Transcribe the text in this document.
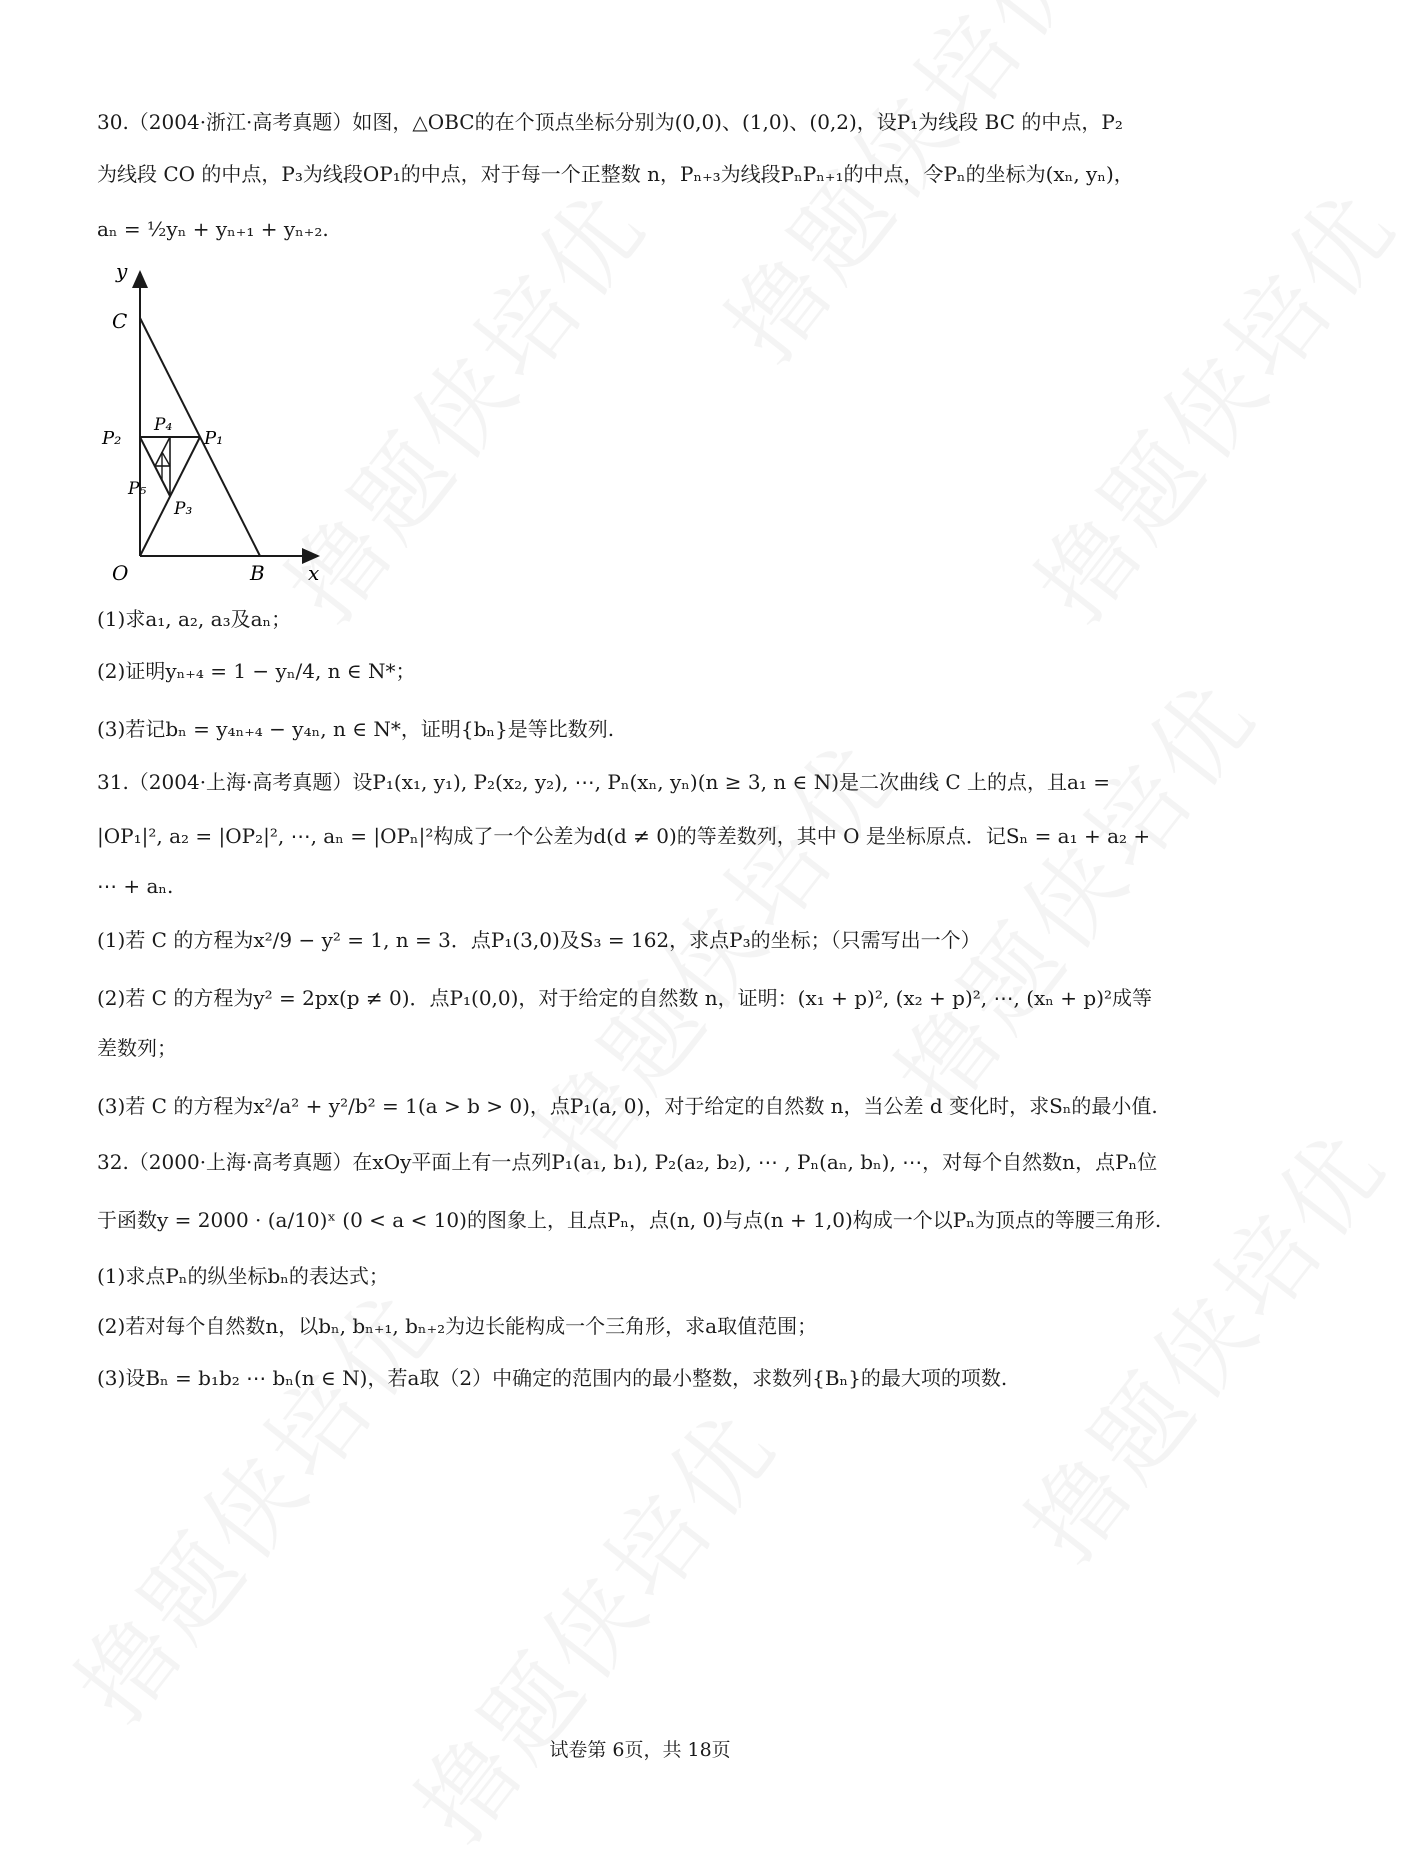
30.（2004·浙江·高考真题）如图，△OBC的在个顶点坐标分别为(0,0)、(1,0)、(0,2)，设P₁为线段 BC 的中点，P₂
为线段 CO 的中点，P₃为线段OP₁的中点，对于每一个正整数 n，Pₙ₊₃为线段PₙPₙ₊₁的中点，令Pₙ的坐标为(xₙ, yₙ)，
aₙ = ½yₙ + yₙ₊₁ + yₙ₊₂.
y
x
C
P₂
P₄
P₁
P₅
P₃
O	B
(1)求a₁, a₂, a₃及aₙ；
(2)证明yₙ₊₄ = 1 − yₙ/4, n ∈ N*；
(3)若记bₙ = y₄ₙ₊₄ − y₄ₙ, n ∈ N*，证明{bₙ}是等比数列.
31.（2004·上海·高考真题）设P₁(x₁, y₁), P₂(x₂, y₂), ⋯, Pₙ(xₙ, yₙ)(n ≥ 3, n ∈ N)是二次曲线 C 上的点，且a₁ =
|OP₁|², a₂ = |OP₂|², ⋯, aₙ = |OPₙ|²构成了一个公差为d(d ≠ 0)的等差数列，其中 O 是坐标原点．记Sₙ = a₁ + a₂ +
⋯ + aₙ.
(1)若 C 的方程为x²/9 − y² = 1, n = 3．点P₁(3,0)及S₃ = 162，求点P₃的坐标；（只需写出一个）
(2)若 C 的方程为y² = 2px(p ≠ 0)．点P₁(0,0)，对于给定的自然数 n，证明：(x₁ + p)², (x₂ + p)², ⋯, (xₙ + p)²成等
差数列；
(3)若 C 的方程为x²/a² + y²/b² = 1(a > b > 0)，点P₁(a, 0)，对于给定的自然数 n，当公差 d 变化时，求Sₙ的最小值.
32.（2000·上海·高考真题）在xOy平面上有一点列P₁(a₁, b₁), P₂(a₂, b₂), ⋯ , Pₙ(aₙ, bₙ), ⋯，对每个自然数n，点Pₙ位
于函数y = 2000 · (a/10)ˣ (0 < a < 10)的图象上，且点Pₙ，点(n, 0)与点(n + 1,0)构成一个以Pₙ为顶点的等腰三角形.
(1)求点Pₙ的纵坐标bₙ的表达式；
(2)若对每个自然数n，以bₙ, bₙ₊₁, bₙ₊₂为边长能构成一个三角形，求a取值范围；
(3)设Bₙ = b₁b₂ ⋯ bₙ(n ∈ N)，若a取（2）中确定的范围内的最小整数，求数列{Bₙ}的最大项的项数.
试卷第 6页，共 18页
